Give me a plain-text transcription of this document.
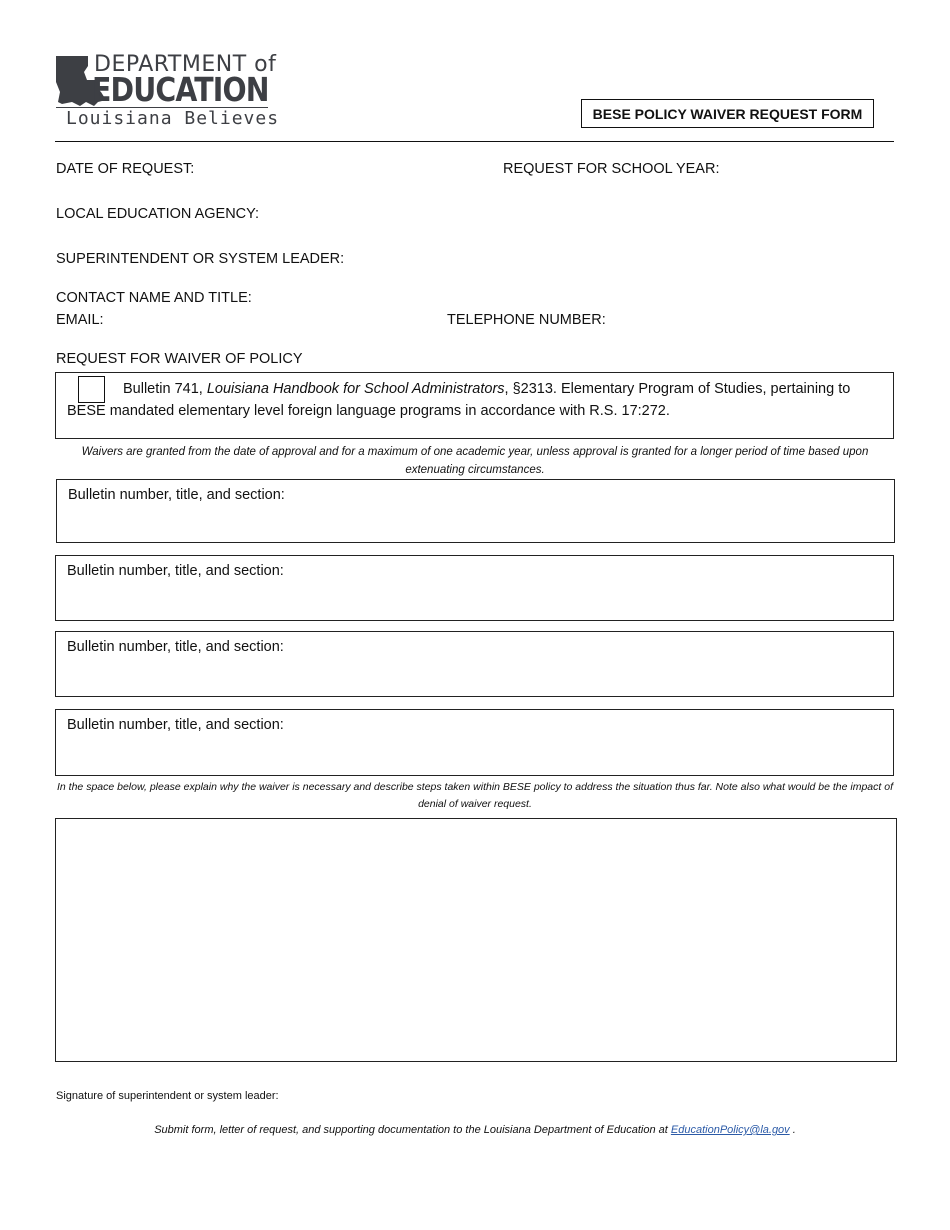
DEPARTMENT of
EDUCATION
Louisiana Believes	BESE POLICY WAIVER REQUEST FORM
DATE OF REQUEST:	REQUEST FOR SCHOOL YEAR:
LOCAL EDUCATION AGENCY:
SUPERINTENDENT OR SYSTEM LEADER:
CONTACT NAME AND TITLE:
EMAIL:	TELEPHONE NUMBER:
REQUEST FOR WAIVER OF POLICY
Bulletin 741, Louisiana Handbook for School Administrators, §2313. Elementary Program of Studies, pertaining to BESE mandated elementary level foreign language programs in accordance with R.S. 17:272.
Waivers are granted from the date of approval and for a maximum of one academic year, unless approval is granted for a longer period of time based upon extenuating circumstances.
Bulletin number, title, and section:
Bulletin number, title, and section:
Bulletin number, title, and section:
Bulletin number, title, and section:
In the space below, please explain why the waiver is necessary and describe steps taken within BESE policy to address the situation thus far. Note also what would be the impact of denial of waiver request.
Signature of superintendent or system leader:
Submit form, letter of request, and supporting documentation to the Louisiana Department of Education at EducationPolicy@la.gov .
